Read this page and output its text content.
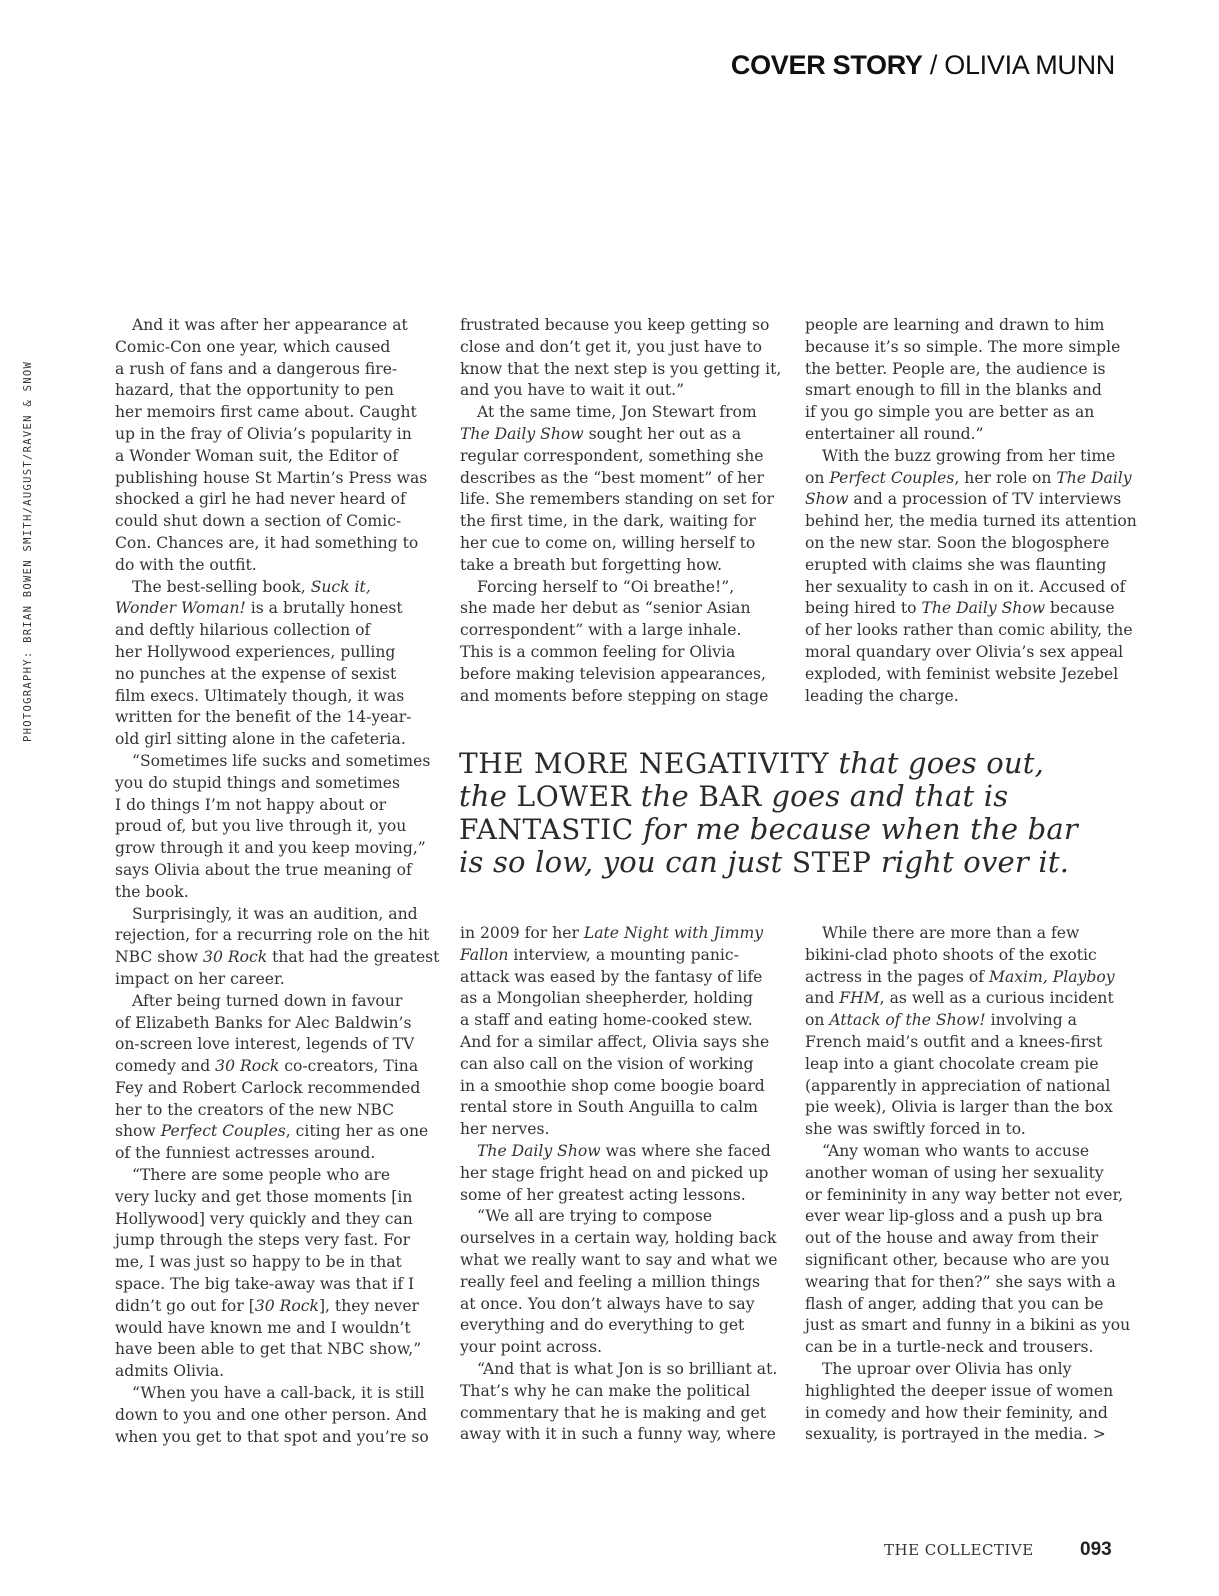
COVER STORY / OLIVIA MUNN
PHOTOGRAPHY: BRIAN BOWEN SMITH/AUGUST/RAVEN & SNOW
And it was after her appearance at
Comic-Con one year, which caused
a rush of fans and a dangerous fire-
hazard, that the opportunity to pen
her memoirs first came about. Caught
up in the fray of Olivia’s popularity in
a Wonder Woman suit, the Editor of
publishing house St Martin’s Press was
shocked a girl he had never heard of
could shut down a section of Comic-
Con. Chances are, it had something to
do with the outfit.
The best-selling book, Suck it,
Wonder Woman! is a brutally honest
and deftly hilarious collection of
her Hollywood experiences, pulling
no punches at the expense of sexist
film execs. Ultimately though, it was
written for the benefit of the 14-year-
old girl sitting alone in the cafeteria.
“Sometimes life sucks and sometimes
you do stupid things and sometimes
I do things I’m not happy about or
proud of, but you live through it, you
grow through it and you keep moving,”
says Olivia about the true meaning of
the book.
Surprisingly, it was an audition, and
rejection, for a recurring role on the hit
NBC show 30 Rock that had the greatest
impact on her career.
After being turned down in favour
of Elizabeth Banks for Alec Baldwin’s
on-screen love interest, legends of TV
comedy and 30 Rock co-creators, Tina
Fey and Robert Carlock recommended
her to the creators of the new NBC
show Perfect Couples, citing her as one
of the funniest actresses around.
“There are some people who are
very lucky and get those moments [in
Hollywood] very quickly and they can
jump through the steps very fast. For
me, I was just so happy to be in that
space. The big take-away was that if I
didn’t go out for [30 Rock], they never
would have known me and I wouldn’t
have been able to get that NBC show,”
admits Olivia.
“When you have a call-back, it is still
down to you and one other person. And
when you get to that spot and you’re so
frustrated because you keep getting so
close and don’t get it, you just have to
know that the next step is you getting it,
and you have to wait it out.”
At the same time, Jon Stewart from
The Daily Show sought her out as a
regular correspondent, something she
describes as the “best moment” of her
life. She remembers standing on set for
the first time, in the dark, waiting for
her cue to come on, willing herself to
take a breath but forgetting how.
Forcing herself to “Oi breathe!”,
she made her debut as “senior Asian
correspondent” with a large inhale.
This is a common feeling for Olivia
before making television appearances,
and moments before stepping on stage
people are learning and drawn to him
because it’s so simple. The more simple
the better. People are, the audience is
smart enough to fill in the blanks and
if you go simple you are better as an
entertainer all round.”
With the buzz growing from her time
on Perfect Couples, her role on The Daily
Show and a procession of TV interviews
behind her, the media turned its attention
on the new star. Soon the blogosphere
erupted with claims she was flaunting
her sexuality to cash in on it. Accused of
being hired to The Daily Show because
of her looks rather than comic ability, the
moral quandary over Olivia’s sex appeal
exploded, with feminist website Jezebel
leading the charge.
THE MORE NEGATIVITY that goes out,
the LOWER the BAR goes and that is
FANTASTIC for me because when the bar
is so low, you can just STEP right over it.
in 2009 for her Late Night with Jimmy
Fallon interview, a mounting panic-
attack was eased by the fantasy of life
as a Mongolian sheepherder, holding
a staff and eating home-cooked stew.
And for a similar affect, Olivia says she
can also call on the vision of working
in a smoothie shop come boogie board
rental store in South Anguilla to calm
her nerves.
The Daily Show was where she faced
her stage fright head on and picked up
some of her greatest acting lessons.
“We all are trying to compose
ourselves in a certain way, holding back
what we really want to say and what we
really feel and feeling a million things
at once. You don’t always have to say
everything and do everything to get
your point across.
“And that is what Jon is so brilliant at.
That’s why he can make the political
commentary that he is making and get
away with it in such a funny way, where
While there are more than a few
bikini-clad photo shoots of the exotic
actress in the pages of Maxim, Playboy
and FHM, as well as a curious incident
on Attack of the Show! involving a
French maid’s outfit and a knees-first
leap into a giant chocolate cream pie
(apparently in appreciation of national
pie week), Olivia is larger than the box
she was swiftly forced in to.
“Any woman who wants to accuse
another woman of using her sexuality
or femininity in any way better not ever,
ever wear lip-gloss and a push up bra
out of the house and away from their
significant other, because who are you
wearing that for then?” she says with a
flash of anger, adding that you can be
just as smart and funny in a bikini as you
can be in a turtle-neck and trousers.
The uproar over Olivia has only
highlighted the deeper issue of women
in comedy and how their feminity, and
sexuality, is portrayed in the media. >
THE COLLECTIVE 093
